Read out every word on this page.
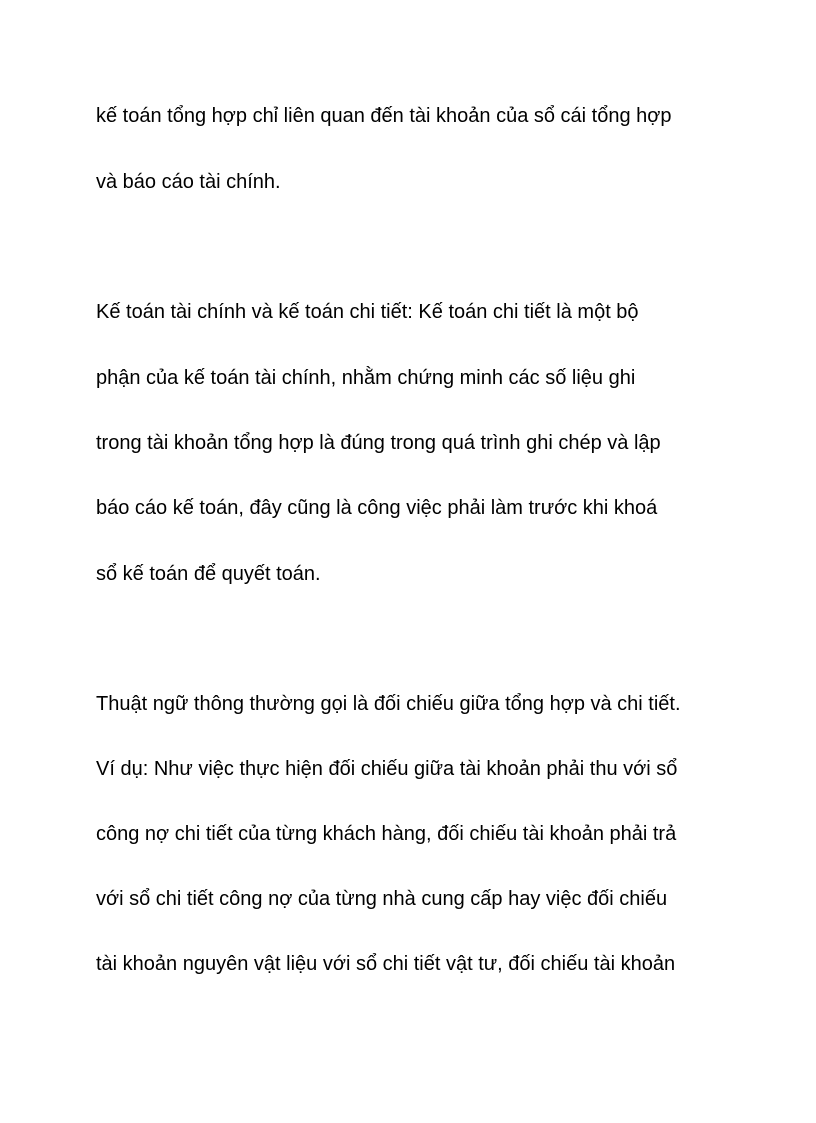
kế toán tổng hợp chỉ liên quan đến tài khoản của sổ cái tổng hợp
và báo cáo tài chính.
Kế toán tài chính và kế toán chi tiết: Kế toán chi tiết là một bộ
phận của kế toán tài chính, nhằm chứng minh các số liệu ghi
trong tài khoản tổng hợp là đúng trong quá trình ghi chép và lập
báo cáo kế toán, đây cũng là công việc phải làm trước khi khoá
sổ kế toán để quyết toán.
Thuật ngữ thông thường gọi là đối chiếu giữa tổng hợp và chi tiết.
Ví dụ: Như việc thực hiện đối chiếu giữa tài khoản phải thu với sổ
công nợ chi tiết của từng khách hàng, đối chiếu tài khoản phải trả
với sổ chi tiết công nợ của từng nhà cung cấp hay việc đối chiếu
tài khoản nguyên vật liệu với sổ chi tiết vật tư, đối chiếu tài khoản
